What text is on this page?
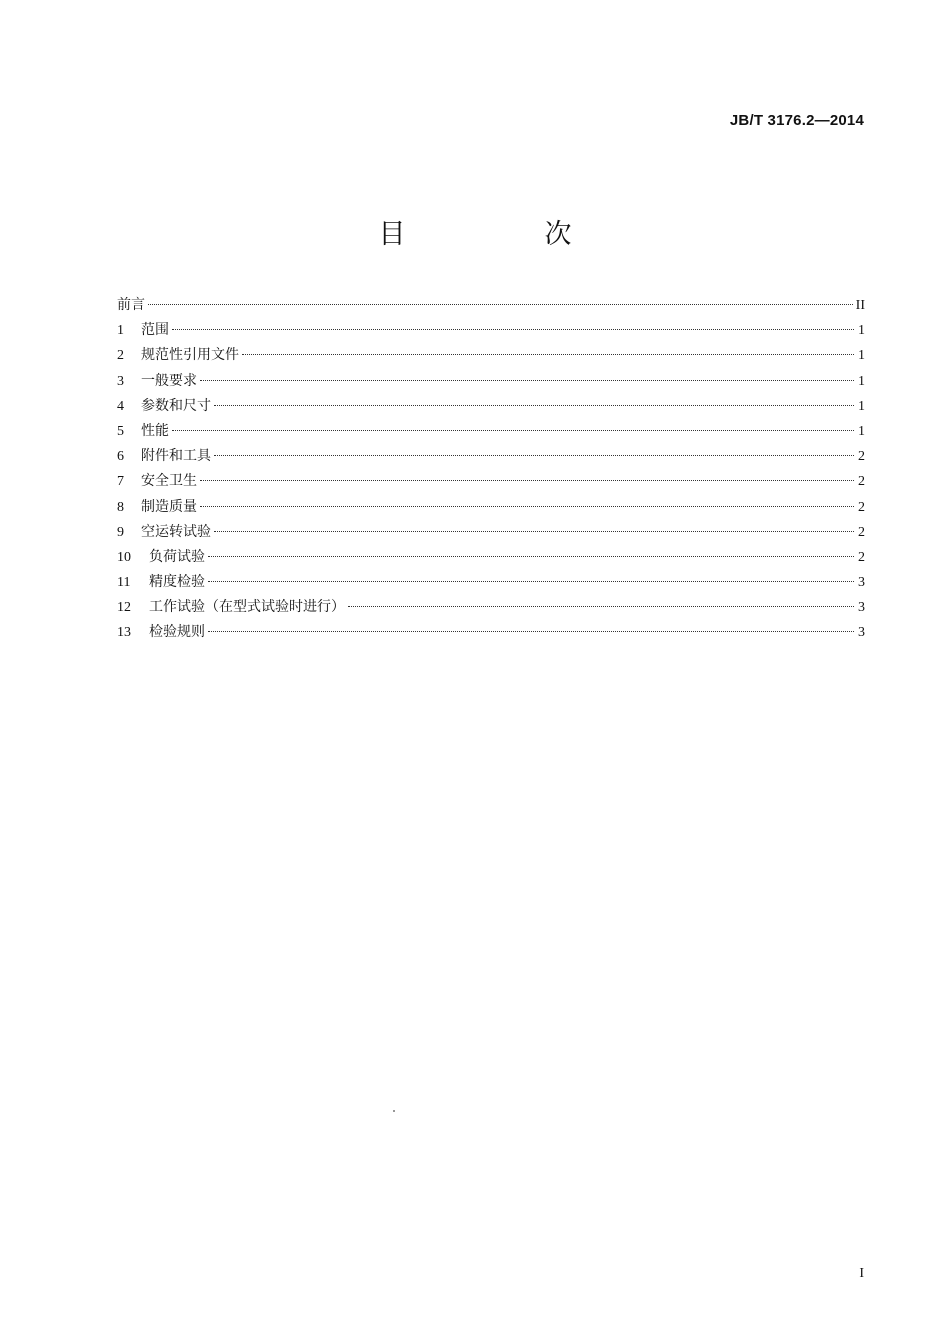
JB/T 3176.2—2014
目　次
前言	II
1	范围	1
2	规范性引用文件	1
3	一般要求	1
4	参数和尺寸	1
5	性能	1
6	附件和工具	2
7	安全卫生	2
8	制造质量	2
9	空运转试验	2
10	负荷试验	2
11	精度检验	3
12	工作试验（在型式试验时进行）	3
13	检验规则	3
I
